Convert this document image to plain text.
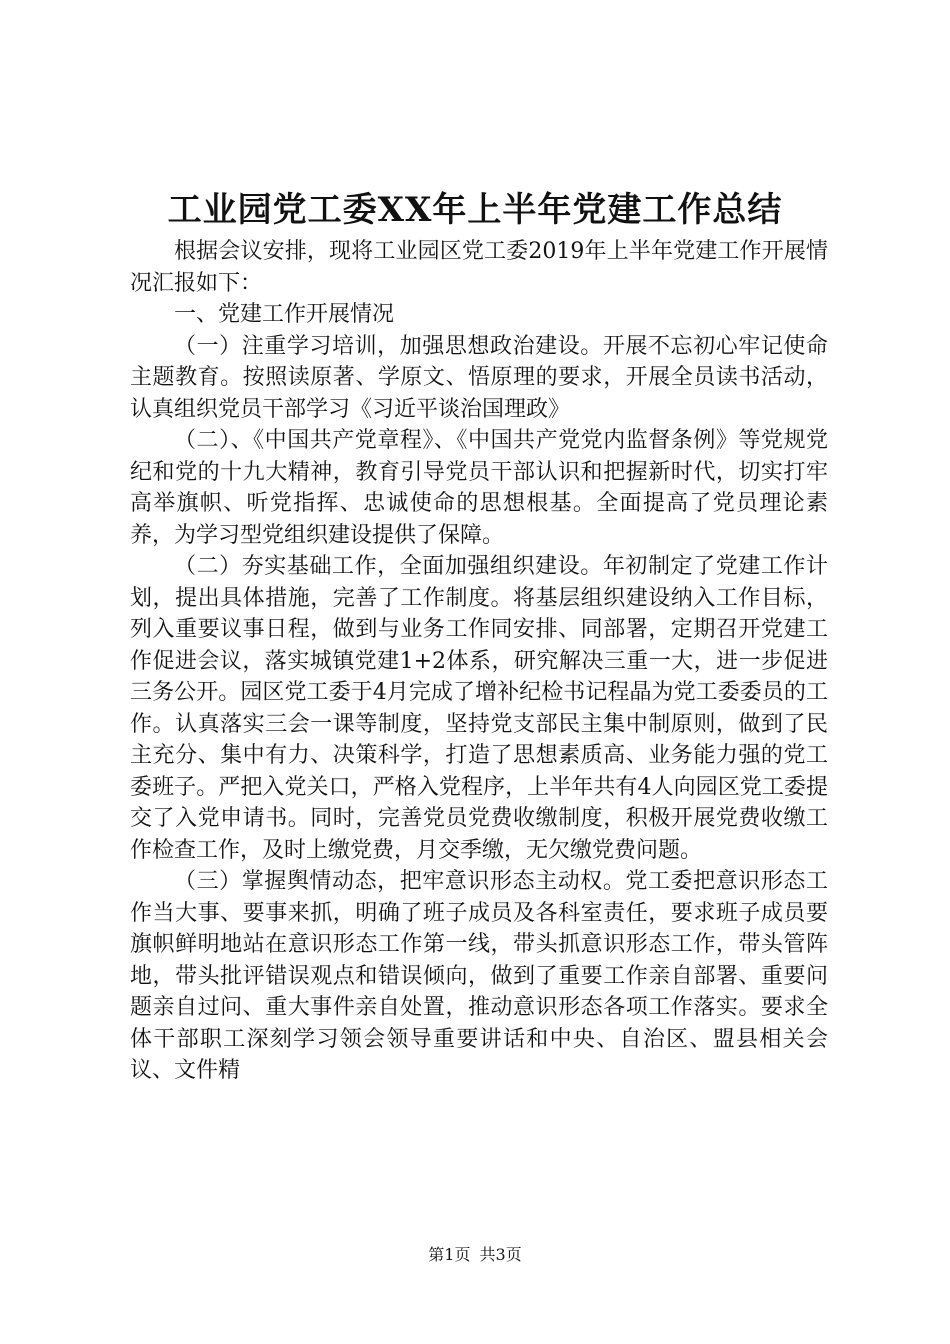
工业园党工委XX年上半年党建工作总结

根据会议安排，现将工业园区党工委2019年上半年党建工作开展情况汇报如下：

一、党建工作开展情况

（一）注重学习培训，加强思想政治建设。开展不忘初心牢记使命主题教育。按照读原著、学原文、悟原理的要求，开展全员读书活动，认真组织党员干部学习《习近平谈治国理政》

（二）、《中国共产党章程》、《中国共产党党内监督条例》等党规党纪和党的十九大精神，教育引导党员干部认识和把握新时代，切实打牢高举旗帜、听党指挥、忠诚使命的思想根基。全面提高了党员理论素养，为学习型党组织建设提供了保障。

（二）夯实基础工作，全面加强组织建设。年初制定了党建工作计划，提出具体措施，完善了工作制度。将基层组织建设纳入工作目标，列入重要议事日程，做到与业务工作同安排、同部署，定期召开党建工作促进会议，落实城镇党建1+2体系，研究解决三重一大，进一步促进三务公开。园区党工委于4月完成了增补纪检书记程晶为党工委委员的工作。认真落实三会一课等制度，坚持党支部民主集中制原则，做到了民主充分、集中有力、决策科学，打造了思想素质高、业务能力强的党工委班子。严把入党关口，严格入党程序，上半年共有4人向园区党工委提交了入党申请书。同时，完善党员党费收缴制度，积极开展党费收缴工作检查工作，及时上缴党费，月交季缴，无欠缴党费问题。

（三）掌握舆情动态，把牢意识形态主动权。党工委把意识形态工作当大事、要事来抓，明确了班子成员及各科室责任，要求班子成员要旗帜鲜明地站在意识形态工作第一线，带头抓意识形态工作，带头管阵地，带头批评错误观点和错误倾向，做到了重要工作亲自部署、重要问题亲自过问、重大事件亲自处置，推动意识形态各项工作落实。要求全体干部职工深刻学习领会领导重要讲话和中央、自治区、盟县相关会议、文件精

第1页 共3页
